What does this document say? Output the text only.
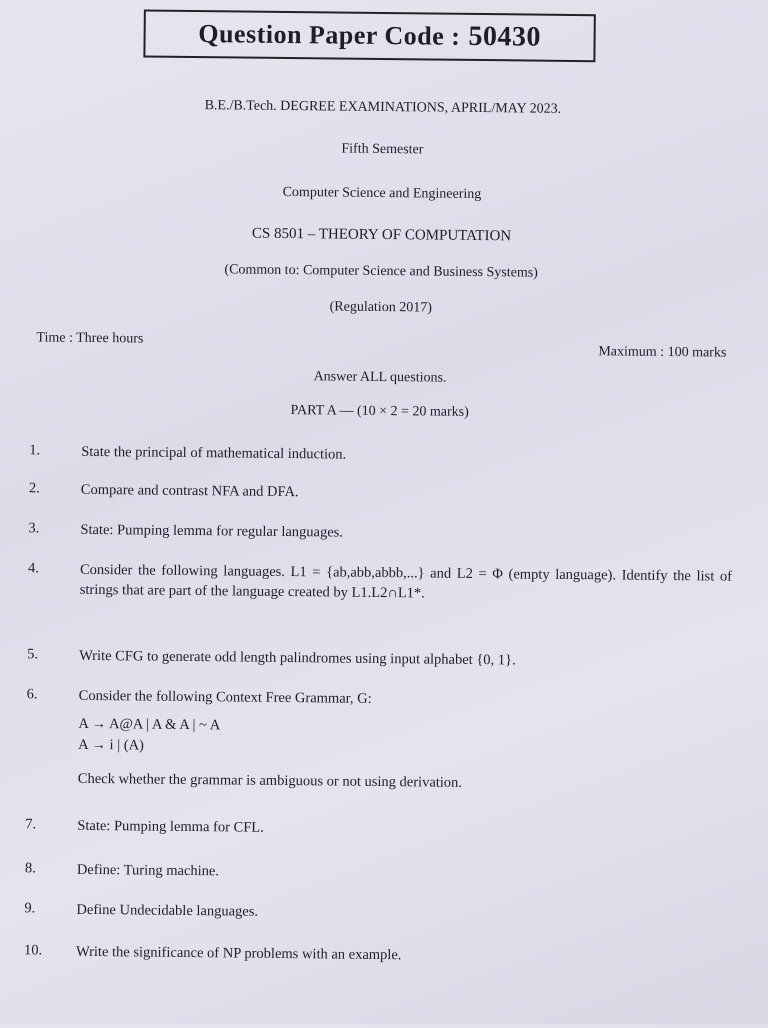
Question Paper Code : 50430
B.E./B.Tech. DEGREE EXAMINATIONS, APRIL/MAY 2023.
Fifth Semester
Computer Science and Engineering
CS 8501 – THEORY OF COMPUTATION
(Common to: Computer Science and Business Systems)
(Regulation 2017)
Time : Three hours
Maximum : 100 marks
Answer ALL questions.
PART A — (10 × 2 = 20 marks)
1.	State the principal of mathematical induction.
2.	Compare and contrast NFA and DFA.
3.	State: Pumping lemma for regular languages.
4.	Consider the following languages. L1 = {ab,abb,abbb,...} and L2 = Φ (empty language). Identify the list of strings that are part of the language created by L1.L2∩L1*.
5.	Write CFG to generate odd length palindromes using input alphabet {0, 1}.
6.	Consider the following Context Free Grammar, G:
A → A@A | A & A | ~ A
A → i | (A)
Check whether the grammar is ambiguous or not using derivation.
7.	State: Pumping lemma for CFL.
8.	Define: Turing machine.
9.	Define Undecidable languages.
10.	Write the significance of NP problems with an example.
